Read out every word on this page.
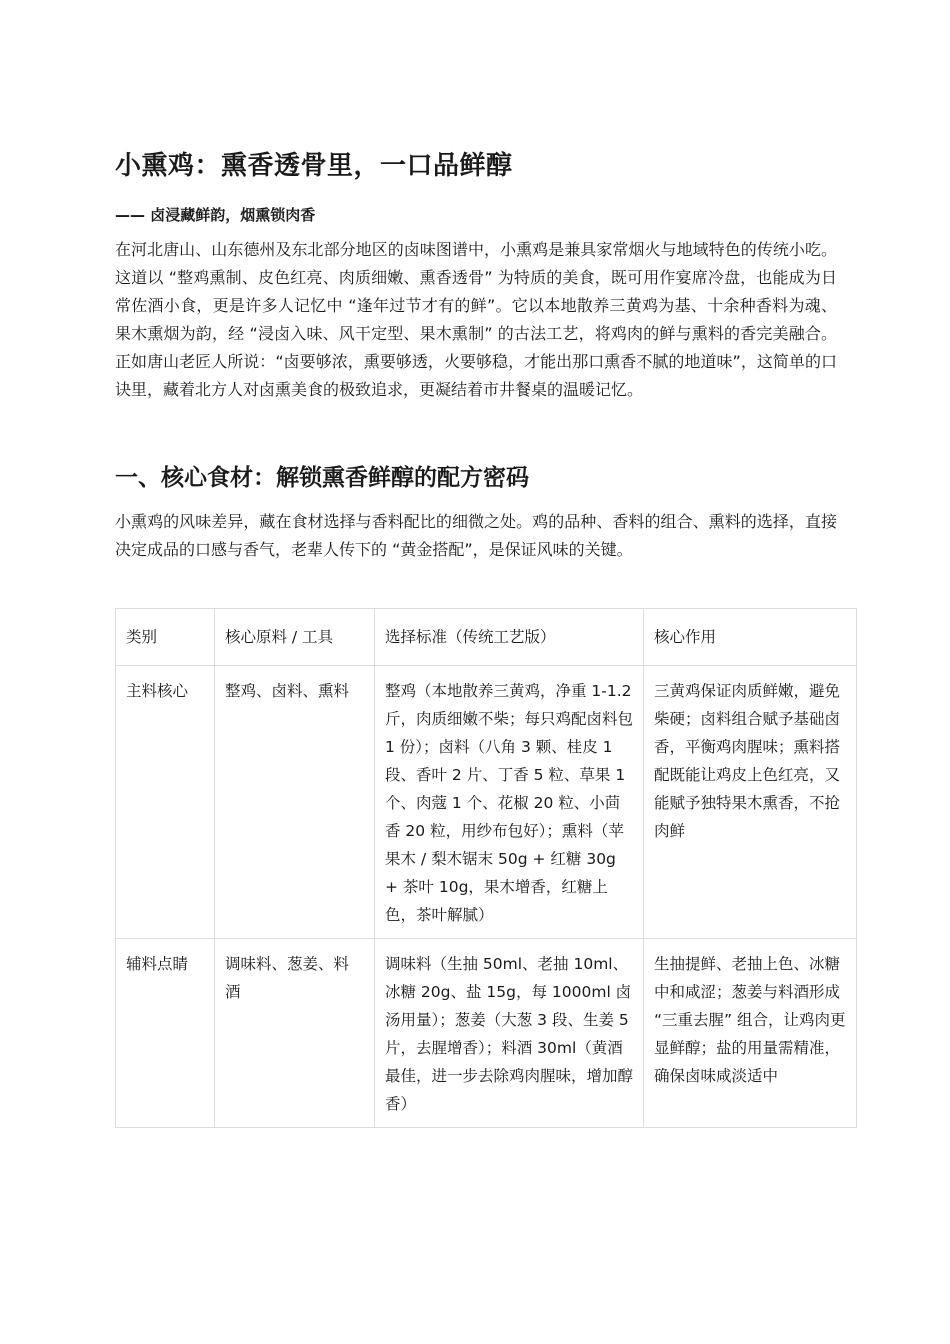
小熏鸡：熏香透骨里，一口品鲜醇

—— 卤浸藏鲜韵，烟熏锁肉香

在河北唐山、山东德州及东北部分地区的卤味图谱中，小熏鸡是兼具家常烟火与地域特色的传统小吃。这道以 “整鸡熏制、皮色红亮、肉质细嫩、熏香透骨” 为特质的美食，既可用作宴席冷盘，也能成为日常佐酒小食，更是许多人记忆中 “逢年过节才有的鲜”。它以本地散养三黄鸡为基、十余种香料为魂、果木熏烟为韵，经 “浸卤入味、风干定型、果木熏制” 的古法工艺，将鸡肉的鲜与熏料的香完美融合。正如唐山老匠人所说：“卤要够浓，熏要够透，火要够稳，才能出那口熏香不腻的地道味”，这简单的口诀里，藏着北方人对卤熏美食的极致追求，更凝结着市井餐桌的温暖记忆。

一、核心食材：解锁熏香鲜醇的配方密码

小熏鸡的风味差异，藏在食材选择与香料配比的细微之处。鸡的品种、香料的组合、熏料的选择，直接决定成品的口感与香气，老辈人传下的 “黄金搭配”，是保证风味的关键。

类别	核心原料 / 工具	选择标准（传统工艺版）	核心作用
主料核心	整鸡、卤料、熏料	整鸡（本地散养三黄鸡，净重 1-1.2 斤，肉质细嫩不柴；每只鸡配卤料包 1 份）；卤料（八角 3 颗、桂皮 1 段、香叶 2 片、丁香 5 粒、草果 1 个、肉蔻 1 个、花椒 20 粒、小茴香 20 粒，用纱布包好）；熏料（苹果木 / 梨木锯末 50g + 红糖 30g + 茶叶 10g，果木增香，红糖上色，茶叶解腻）	三黄鸡保证肉质鲜嫩，避免柴硬；卤料组合赋予基础卤香，平衡鸡肉腥味；熏料搭配既能让鸡皮上色红亮，又能赋予独特果木熏香，不抢肉鲜
辅料点睛	调味料、葱姜、料酒	调味料（生抽 50ml、老抽 10ml、冰糖 20g、盐 15g，每 1000ml 卤汤用量）；葱姜（大葱 3 段、生姜 5 片，去腥增香）；料酒 30ml（黄酒最佳，进一步去除鸡肉腥味，增加醇香）	生抽提鲜、老抽上色、冰糖中和咸涩；葱姜与料酒形成 “三重去腥” 组合，让鸡肉更显鲜醇；盐的用量需精准，确保卤味咸淡适中
